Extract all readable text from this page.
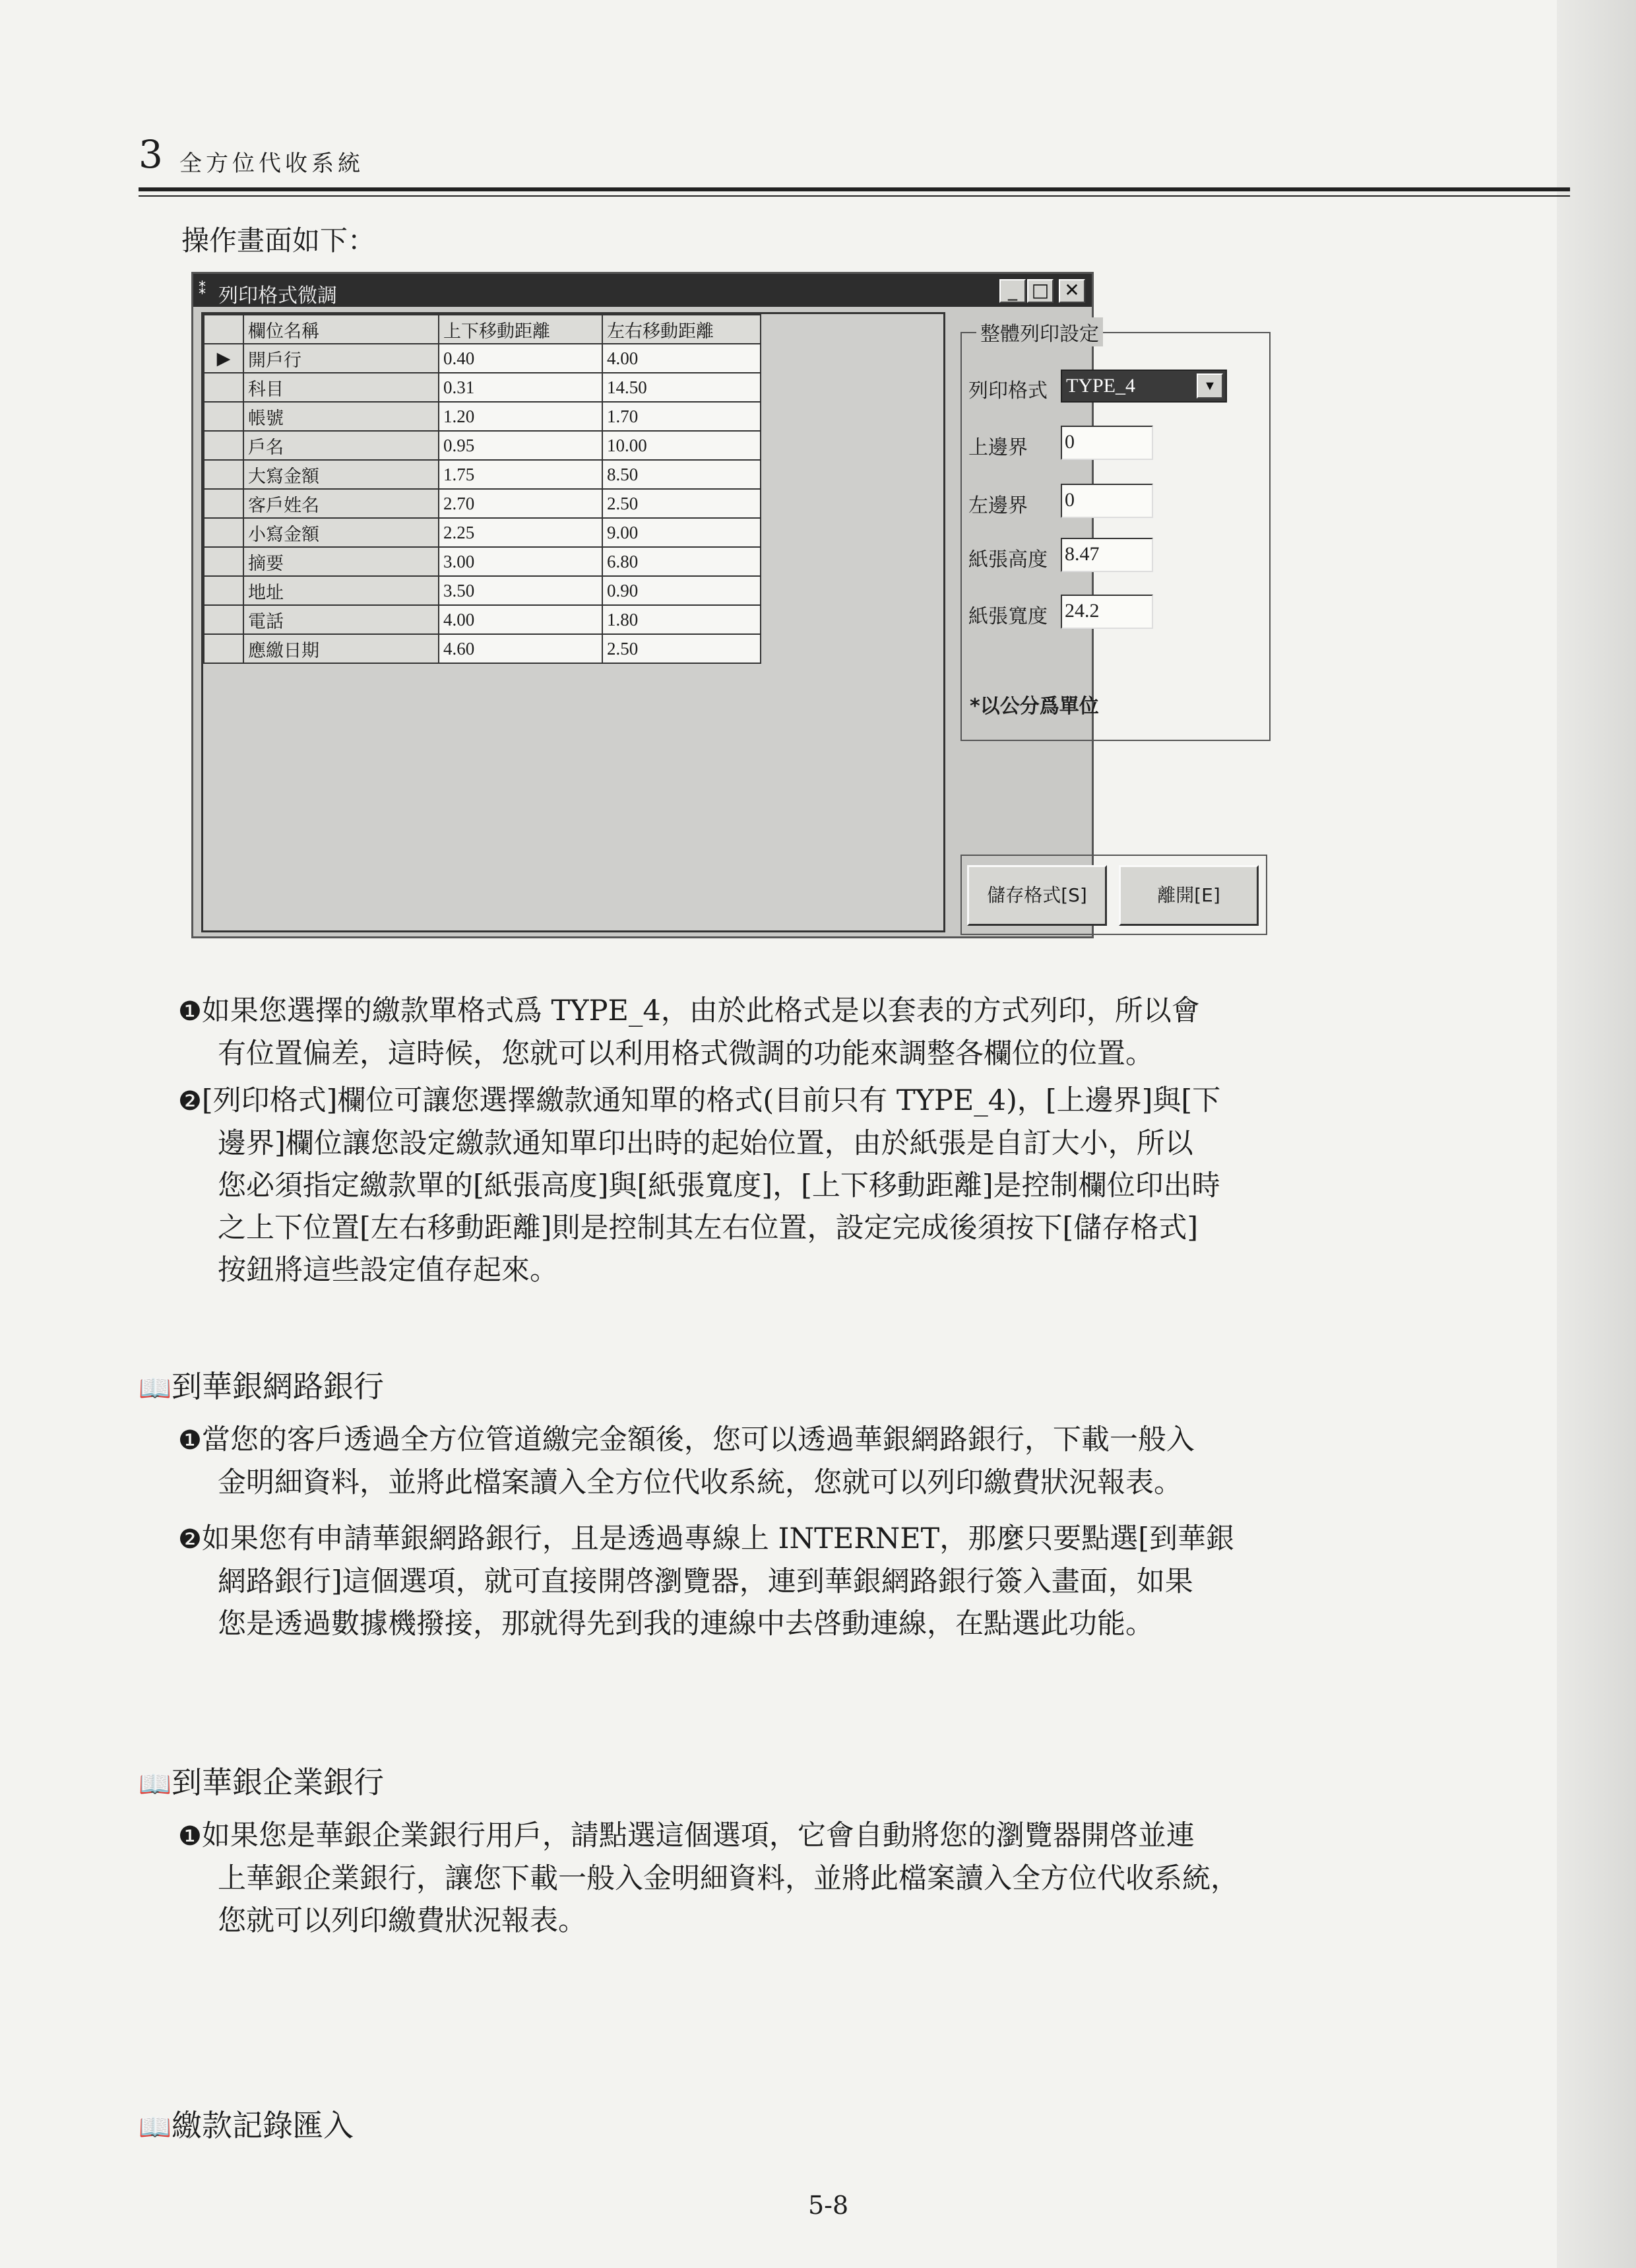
3 全方位代收系統
操作畫面如下：
⁑ 列印格式微調	_ □ ✕
	欄位名稱	上下移動距離	左右移動距離
▶	開戶行	0.40	4.00
	科目	0.31	14.50
	帳號	1.20	1.70
	戶名	0.95	10.00
	大寫金額	1.75	8.50
	客戶姓名	2.70	2.50
	小寫金額	2.25	9.00
	摘要	3.00	6.80
	地址	3.50	0.90
	電話	4.00	1.80
	應繳日期	4.60	2.50
整體列印設定
列印格式 TYPE_4	▼
上邊界 0
左邊界 0
紙張高度 8.47
紙張寬度 24.2
*以公分爲單位
儲存格式[S]	離開[E]
❶如果您選擇的繳款單格式爲 TYPE_4，由於此格式是以套表的方式列印，所以會
有位置偏差，這時候，您就可以利用格式微調的功能來調整各欄位的位置。
❷[列印格式]欄位可讓您選擇繳款通知單的格式(目前只有 TYPE_4)，[上邊界]與[下
邊界]欄位讓您設定繳款通知單印出時的起始位置，由於紙張是自訂大小，所以
您必須指定繳款單的[紙張高度]與[紙張寬度]，[上下移動距離]是控制欄位印出時
之上下位置[左右移動距離]則是控制其左右位置，設定完成後須按下[儲存格式]
按鈕將這些設定值存起來。
📖到華銀網路銀行
❶當您的客戶透過全方位管道繳完金額後，您可以透過華銀網路銀行，下載一般入
金明細資料，並將此檔案讀入全方位代收系統，您就可以列印繳費狀況報表。
❷如果您有申請華銀網路銀行，且是透過專線上 INTERNET，那麼只要點選[到華銀
網路銀行]這個選項，就可直接開啓瀏覽器，連到華銀網路銀行簽入畫面，如果
您是透過數據機撥接，那就得先到我的連線中去啓動連線，在點選此功能。
📖到華銀企業銀行
❶如果您是華銀企業銀行用戶，請點選這個選項，它會自動將您的瀏覽器開啓並連
上華銀企業銀行，讓您下載一般入金明細資料，並將此檔案讀入全方位代收系統，
您就可以列印繳費狀況報表。
📖繳款記錄匯入
5-8
